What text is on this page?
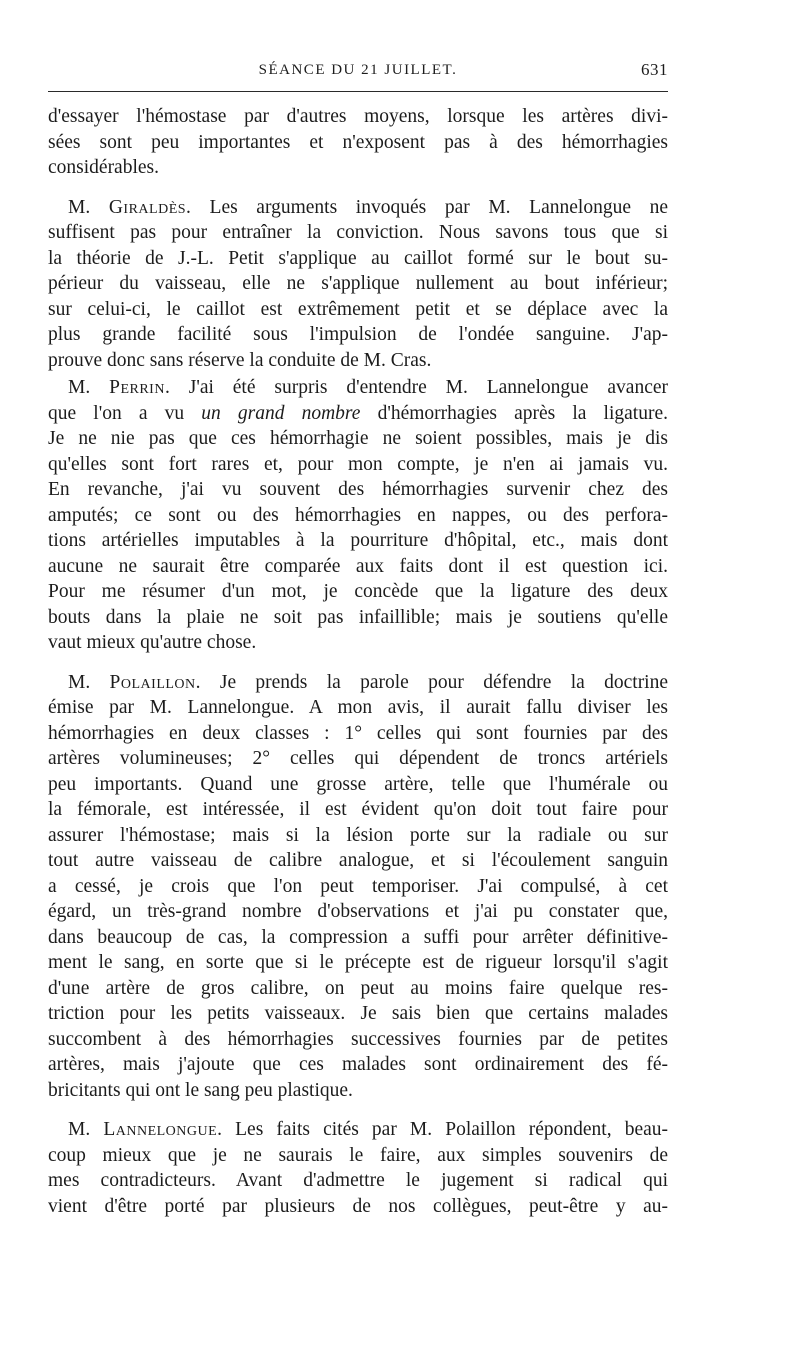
SÉANCE DU 21 JUILLET.	631
d'essayer l'hémostase par d'autres moyens, lorsque les artères divi-
sées sont peu importantes et n'exposent pas à des hémorrhagies
considérables.
M. Giraldès. Les arguments invoqués par M. Lannelongue ne
suffisent pas pour entraîner la conviction. Nous savons tous que si
la théorie de J.-L. Petit s'applique au caillot formé sur le bout su-
périeur du vaisseau, elle ne s'applique nullement au bout inférieur;
sur celui-ci, le caillot est extrêmement petit et se déplace avec la
plus grande facilité sous l'impulsion de l'ondée sanguine. J'ap-
prouve donc sans réserve la conduite de M. Cras.
M. Perrin. J'ai été surpris d'entendre M. Lannelongue avancer
que l'on a vu un grand nombre d'hémorrhagies après la ligature.
Je ne nie pas que ces hémorrhagie ne soient possibles, mais je dis
qu'elles sont fort rares et, pour mon compte, je n'en ai jamais vu.
En revanche, j'ai vu souvent des hémorrhagies survenir chez des
amputés; ce sont ou des hémorrhagies en nappes, ou des perfora-
tions artérielles imputables à la pourriture d'hôpital, etc., mais dont
aucune ne saurait être comparée aux faits dont il est question ici.
Pour me résumer d'un mot, je concède que la ligature des deux
bouts dans la plaie ne soit pas infaillible; mais je soutiens qu'elle
vaut mieux qu'autre chose.
M. Polaillon. Je prends la parole pour défendre la doctrine
émise par M. Lannelongue. A mon avis, il aurait fallu diviser les
hémorrhagies en deux classes : 1° celles qui sont fournies par des
artères volumineuses; 2° celles qui dépendent de troncs artériels
peu importants. Quand une grosse artère, telle que l'humérale ou
la fémorale, est intéressée, il est évident qu'on doit tout faire pour
assurer l'hémostase; mais si la lésion porte sur la radiale ou sur
tout autre vaisseau de calibre analogue, et si l'écoulement sanguin
a cessé, je crois que l'on peut temporiser. J'ai compulsé, à cet
égard, un très-grand nombre d'observations et j'ai pu constater que,
dans beaucoup de cas, la compression a suffi pour arrêter définitive-
ment le sang, en sorte que si le précepte est de rigueur lorsqu'il s'agit
d'une artère de gros calibre, on peut au moins faire quelque res-
triction pour les petits vaisseaux. Je sais bien que certains malades
succombent à des hémorrhagies successives fournies par de petites
artères, mais j'ajoute que ces malades sont ordinairement des fé-
bricitants qui ont le sang peu plastique.
M. Lannelongue. Les faits cités par M. Polaillon répondent, beau-
coup mieux que je ne saurais le faire, aux simples souvenirs de
mes contradicteurs. Avant d'admettre le jugement si radical qui
vient d'être porté par plusieurs de nos collègues, peut-être y au-
